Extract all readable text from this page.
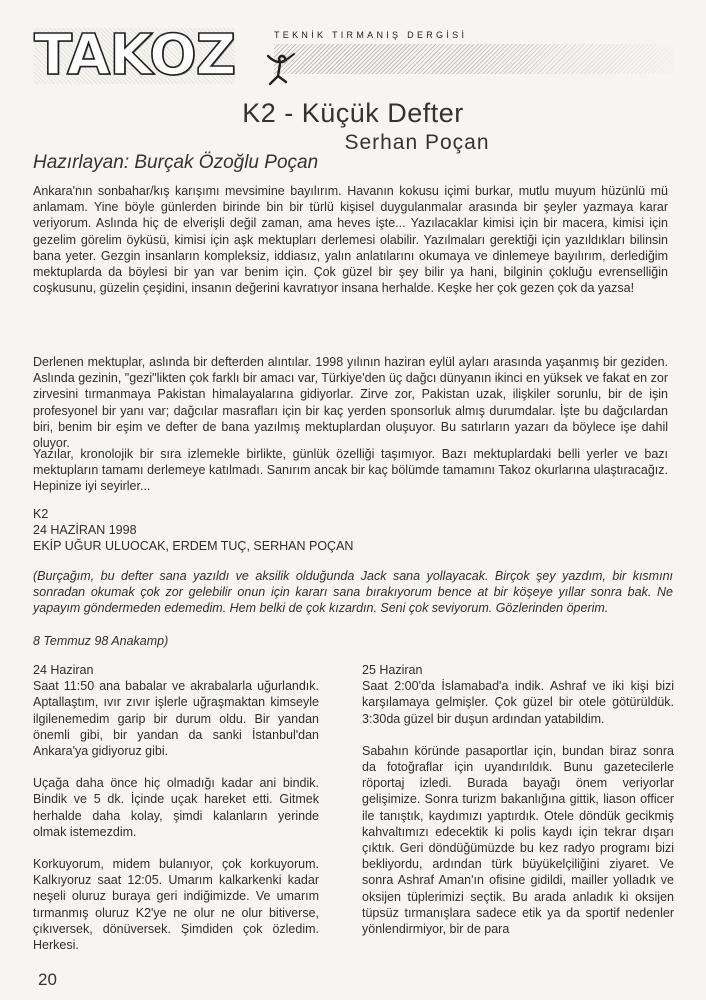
TAKOZ	TEKNİK TIRMANIŞ DERGİSİ
K2 - Küçük Defter
Serhan Poçan
Hazırlayan: Burçak Özoğlu Poçan

Ankara'nın sonbahar/kış karışımı mevsimine bayılırım. Havanın kokusu içimi burkar, mutlu muyum hüzünlü mü anlamam. Yine böyle günlerden birinde bin bir türlü kişisel duygulanmalar arasında bir şeyler yazmaya karar veriyorum. Aslında hiç de elverişli değil zaman, ama heves işte... Yazılacaklar kimisi için bir macera, kimisi için gezelim görelim öyküsü, kimisi için aşk mektupları derlemesi olabilir. Yazılmaları gerektiği için yazıldıkları bilinsin bana yeter. Gezgin insanların kompleksiz, iddiasız, yalın anlatılarını okumaya ve dinlemeye bayılırım, derlediğim mektuplarda da böylesi bir yan var benim için. Çok güzel bir şey bilir ya hani, bilginin çokluğu evrenselliğin coşkusunu, güzelin çeşidini, insanın değerini kavratıyor insana herhalde. Keşke her çok gezen çok da yazsa!

Derlenen mektuplar, aslında bir defterden alıntılar. 1998 yılının haziran eylül ayları arasında yaşanmış bir geziden. Aslında gezinin, "gezi"likten çok farklı bir amacı var, Türkiye'den üç dağcı dünyanın ikinci en yüksek ve fakat en zor zirvesini tırmanmaya Pakistan himalayalarına gidiyorlar. Zirve zor, Pakistan uzak, ilişkiler sorunlu, bir de işin profesyonel bir yanı var; dağcılar masrafları için bir kaç yerden sponsorluk almış durumdalar. İşte bu dağcılardan biri, benim bir eşim ve defter de bana yazılmış mektuplardan oluşuyor. Bu satırların yazarı da böylece işe dahil oluyor.

Yazılar, kronolojik bir sıra izlemekle birlikte, günlük özelliği taşımıyor. Bazı mektuplardaki belli yerler ve bazı mektupların tamamı derlemeye katılmadı. Sanırım ancak bir kaç bölümde tamamını Takoz okurlarına ulaştıracağız. Hepinize iyi seyirler...

K2
24 HAZİRAN 1998
EKİP UĞUR ULUOCAK, ERDEM TUÇ, SERHAN POÇAN

(Burçağım, bu defter sana yazıldı ve aksilik olduğunda Jack sana yollayacak. Birçok şey yazdım, bir kısmını sonradan okumak çok zor gelebilir onun için kararı sana bırakıyorum bence at bir köşeye yıllar sonra bak. Ne yapayım göndermeden edemedim. Hem belki de çok kızardın. Seni çok seviyorum. Gözlerinden öperim.

8 Temmuz 98 Anakamp)

24 Haziran
Saat 11:50 ana babalar ve akrabalarla uğurlandık. Aptallaştım, ıvır zıvır işlerle uğraşmaktan kimseyle ilgilenemedim garip bir durum oldu. Bir yandan önemli gibi, bir yandan da sanki İstanbul'dan Ankara'ya gidiyoruz gibi.

Uçağa daha önce hiç olmadığı kadar ani bindik. Bindik ve 5 dk. İçinde uçak hareket etti. Gitmek herhalde daha kolay, şimdi kalanların yerinde olmak istemezdim.

Korkuyorum, midem bulanıyor, çok korkuyorum. Kalkıyoruz saat 12:05. Umarım kalkarkenki kadar neşeli oluruz buraya geri indiğimizde. Ve umarım tırmanmış oluruz K2'ye ne olur ne olur bitiverse, çıkıversek, dönüversek. Şimdiden çok özledim. Herkesi.

25 Haziran
Saat 2:00'da İslamabad'a indik. Ashraf ve iki kişi bizi karşılamaya gelmişler. Çok güzel bir otele götürüldük. 3:30da güzel bir duşun ardından yatabildim.

Sabahın köründe pasaportlar için, bundan biraz sonra da fotoğraflar için uyandırıldık. Bunu gazetecilerle röportaj izledi. Burada bayağı önem veriyorlar gelişimize. Sonra turizm bakanlığına gittik, liason officer ile tanıştık, kaydımızı yaptırdık. Otele döndük gecikmiş kahvaltımızı edecektik ki polis kaydı için tekrar dışarı çıktık. Geri döndüğümüzde bu kez radyo programı bizi bekliyordu, ardından türk büyükelçiliğini ziyaret. Ve sonra Ashraf Aman'ın ofisine gidildi, mailler yolladık ve oksijen tüplerimizi seçtik. Bu arada anladık ki oksijen tüpsüz tırmanışlara sadece etik ya da sportif nedenler yönlendirmiyor, bir de para

20
